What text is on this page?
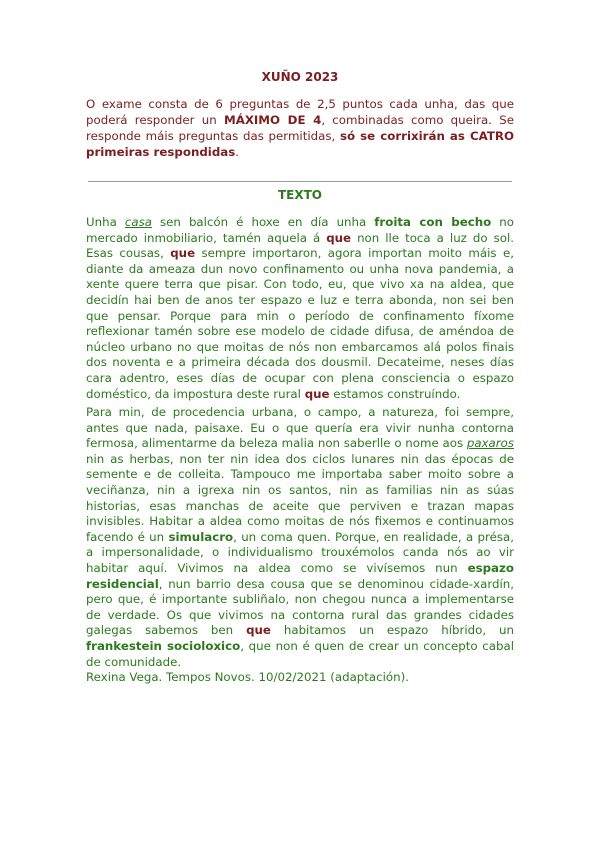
XUÑO 2023

O exame consta de 6 preguntas de 2,5 puntos cada unha, das que poderá responder un MÁXIMO DE 4, combinadas como queira. Se responde máis preguntas das permitidas, só se corrixirán as CATRO primeiras respondidas.

TEXTO

Unha casa sen balcón é hoxe en día unha froita con becho no mercado inmobiliario, tamén aquela á que non lle toca a luz do sol. Esas cousas, que sempre importaron, agora importan moito máis e, diante da ameaza dun novo confinamento ou unha nova pandemia, a xente quere terra que pisar. Con todo, eu, que vivo xa na aldea, que decidín hai ben de anos ter espazo e luz e terra abonda, non sei ben que pensar. Porque para min o período de confinamento fíxome reflexionar tamén sobre ese modelo de cidade difusa, de améndoa de núcleo urbano no que moitas de nós non embarcamos alá polos finais dos noventa e a primeira década dos dousmil. Decateime, neses días cara adentro, eses días de ocupar con plena consciencia o espazo doméstico, da impostura deste rural que estamos construíndo.

Para min, de procedencia urbana, o campo, a natureza, foi sempre, antes que nada, paisaxe. Eu o que quería era vivir nunha contorna fermosa, alimentarme da beleza malia non saberlle o nome aos paxaros nin as herbas, non ter nin idea dos ciclos lunares nin das épocas de semente e de colleita. Tampouco me importaba saber moito sobre a veciñanza, nin a igrexa nin os santos, nin as familias nin as súas historias, esas manchas de aceite que perviven e trazan mapas invisibles. Habitar a aldea como moitas de nós fixemos e continuamos facendo é un simulacro, un coma quen. Porque, en realidade, a présa, a impersonalidade, o individualismo trouxémolos canda nós ao vir habitar aquí. Vivimos na aldea como se vivísemos nun espazo residencial, nun barrio desa cousa que se denominou cidade-xardín, pero que, é importante subliñalo, non chegou nunca a implementarse de verdade. Os que vivimos na contorna rural das grandes cidades galegas sabemos ben que habitamos un espazo híbrido, un frankestein socioloxico, que non é quen de crear un concepto cabal de comunidade.

Rexina Vega. Tempos Novos. 10/02/2021 (adaptación).
